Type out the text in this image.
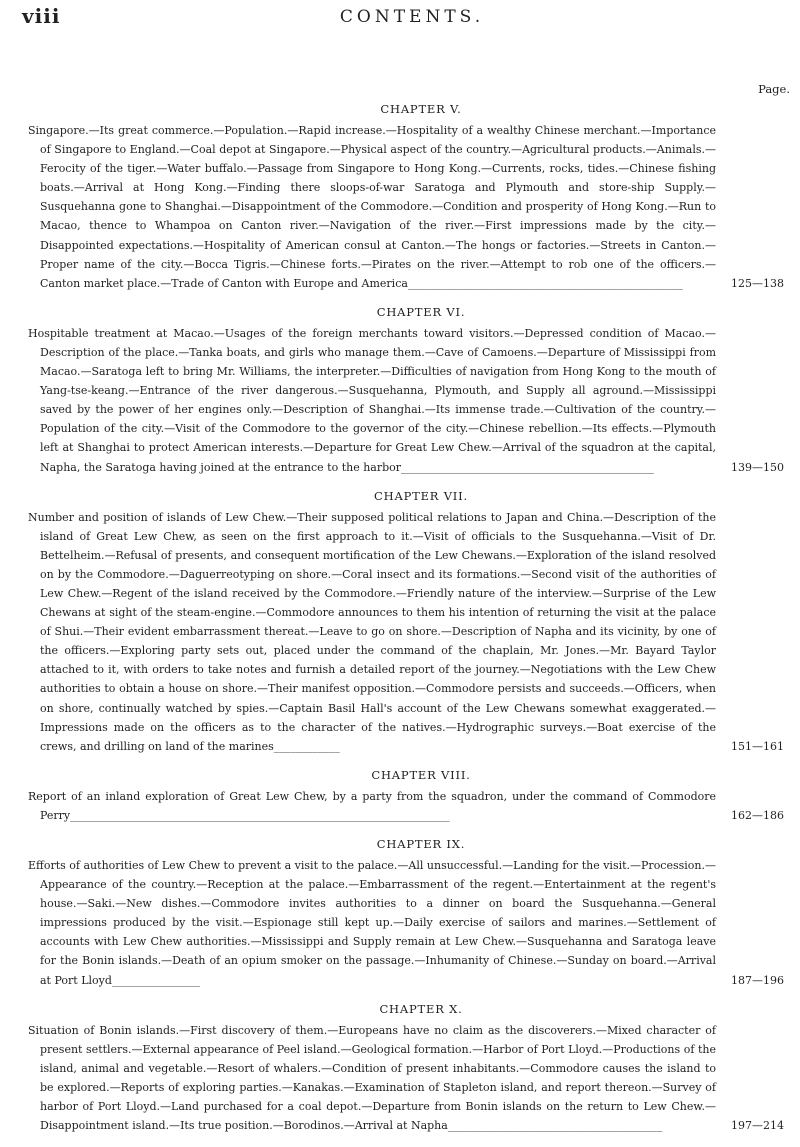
viii	CONTENTS.
Page.
CHAPTER V.
Singapore.—Its great commerce.—Population.—Rapid increase.—Hospitality of a wealthy Chinese merchant.—Importance of Singapore to England.—Coal depot at Singapore.—Physical aspect of the country.—Agricultural products.—Animals.—Ferocity of the tiger.—Water buffalo.—Passage from Singapore to Hong Kong.—Currents, rocks, tides.—Chinese fishing boats.—Arrival at Hong Kong.—Finding there sloops-of-war Saratoga and Plymouth and store-ship Supply.—Susquehanna gone to Shanghai.—Disappointment of the Commodore.—Condition and prosperity of Hong Kong.—Run to Macao, thence to Whampoa on Canton river.—Navigation of the river.—First impressions made by the city.—Disappointed expectations.—Hospitality of American consul at Canton.—The hongs or factories.—Streets in Canton.—Proper name of the city.—Bocca Tigris.—Chinese forts.—Pirates on the river.—Attempt to rob one of the officers.—Canton market place.—Trade of Canton with Europe and America__________________________________________________	125—138
CHAPTER VI.
Hospitable treatment at Macao.—Usages of the foreign merchants toward visitors.—Depressed condition of Macao.—Description of the place.—Tanka boats, and girls who manage them.—Cave of Camoens.—Departure of Mississippi from Macao.—Saratoga left to bring Mr. Williams, the interpreter.—Difficulties of navigation from Hong Kong to the mouth of Yang-tse-keang.—Entrance of the river dangerous.—Susquehanna, Plymouth, and Supply all aground.—Mississippi saved by the power of her engines only.—Description of Shanghai.—Its immense trade.—Cultivation of the country.—Population of the city.—Visit of the Commodore to the governor of the city.—Chinese rebellion.—Its effects.—Plymouth left at Shanghai to protect American interests.—Departure for Great Lew Chew.—Arrival of the squadron at the capital, Napha, the Saratoga having joined at the entrance to the harbor______________________________________________	139—150
CHAPTER VII.
Number and position of islands of Lew Chew.—Their supposed political relations to Japan and China.—Description of the island of Great Lew Chew, as seen on the first approach to it.—Visit of officials to the Susquehanna.—Visit of Dr. Bettelheim.—Refusal of presents, and consequent mortification of the Lew Chewans.—Exploration of the island resolved on by the Commodore.—Daguerreotyping on shore.—Coral insect and its formations.—Second visit of the authorities of Lew Chew.—Regent of the island received by the Commodore.—Friendly nature of the interview.—Surprise of the Lew Chewans at sight of the steam-engine.—Commodore announces to them his intention of returning the visit at the palace of Shui.—Their evident embarrassment thereat.—Leave to go on shore.—Description of Napha and its vicinity, by one of the officers.—Exploring party sets out, placed under the command of the chaplain, Mr. Jones.—Mr. Bayard Taylor attached to it, with orders to take notes and furnish a detailed report of the journey.—Negotiations with the Lew Chew authorities to obtain a house on shore.—Their manifest opposition.—Commodore persists and succeeds.—Officers, when on shore, continually watched by spies.—Captain Basil Hall's account of the Lew Chewans somewhat exaggerated.—Impressions made on the officers as to the character of the natives.—Hydrographic surveys.—Boat exercise of the crews, and drilling on land of the marines____________	151—161
CHAPTER VIII.
Report of an inland exploration of Great Lew Chew, by a party from the squadron, under the command of Commodore Perry_____________________________________________________________________	162—186
CHAPTER IX.
Efforts of authorities of Lew Chew to prevent a visit to the palace.—All unsuccessful.—Landing for the visit.—Procession.—Appearance of the country.—Reception at the palace.—Embarrassment of the regent.—Entertainment at the regent's house.—Saki.—New dishes.—Commodore invites authorities to a dinner on board the Susquehanna.—General impressions produced by the visit.—Espionage still kept up.—Daily exercise of sailors and marines.—Settlement of accounts with Lew Chew authorities.—Mississippi and Supply remain at Lew Chew.—Susquehanna and Saratoga leave for the Bonin islands.—Death of an opium smoker on the passage.—Inhumanity of Chinese.—Sunday on board.—Arrival at Port Lloyd________________	187—196
CHAPTER X.
Situation of Bonin islands.—First discovery of them.—Europeans have no claim as the discoverers.—Mixed character of present settlers.—External appearance of Peel island.—Geological formation.—Harbor of Port Lloyd.—Productions of the island, animal and vegetable.—Resort of whalers.—Condition of present inhabitants.—Commodore causes the island to be explored.—Reports of exploring parties.—Kanakas.—Examination of Stapleton island, and report thereon.—Survey of harbor of Port Lloyd.—Land purchased for a coal depot.—Departure from Bonin islands on the return to Lew Chew.—Disappointment island.—Its true position.—Borodinos.—Arrival at Napha_______________________________________	197—214
